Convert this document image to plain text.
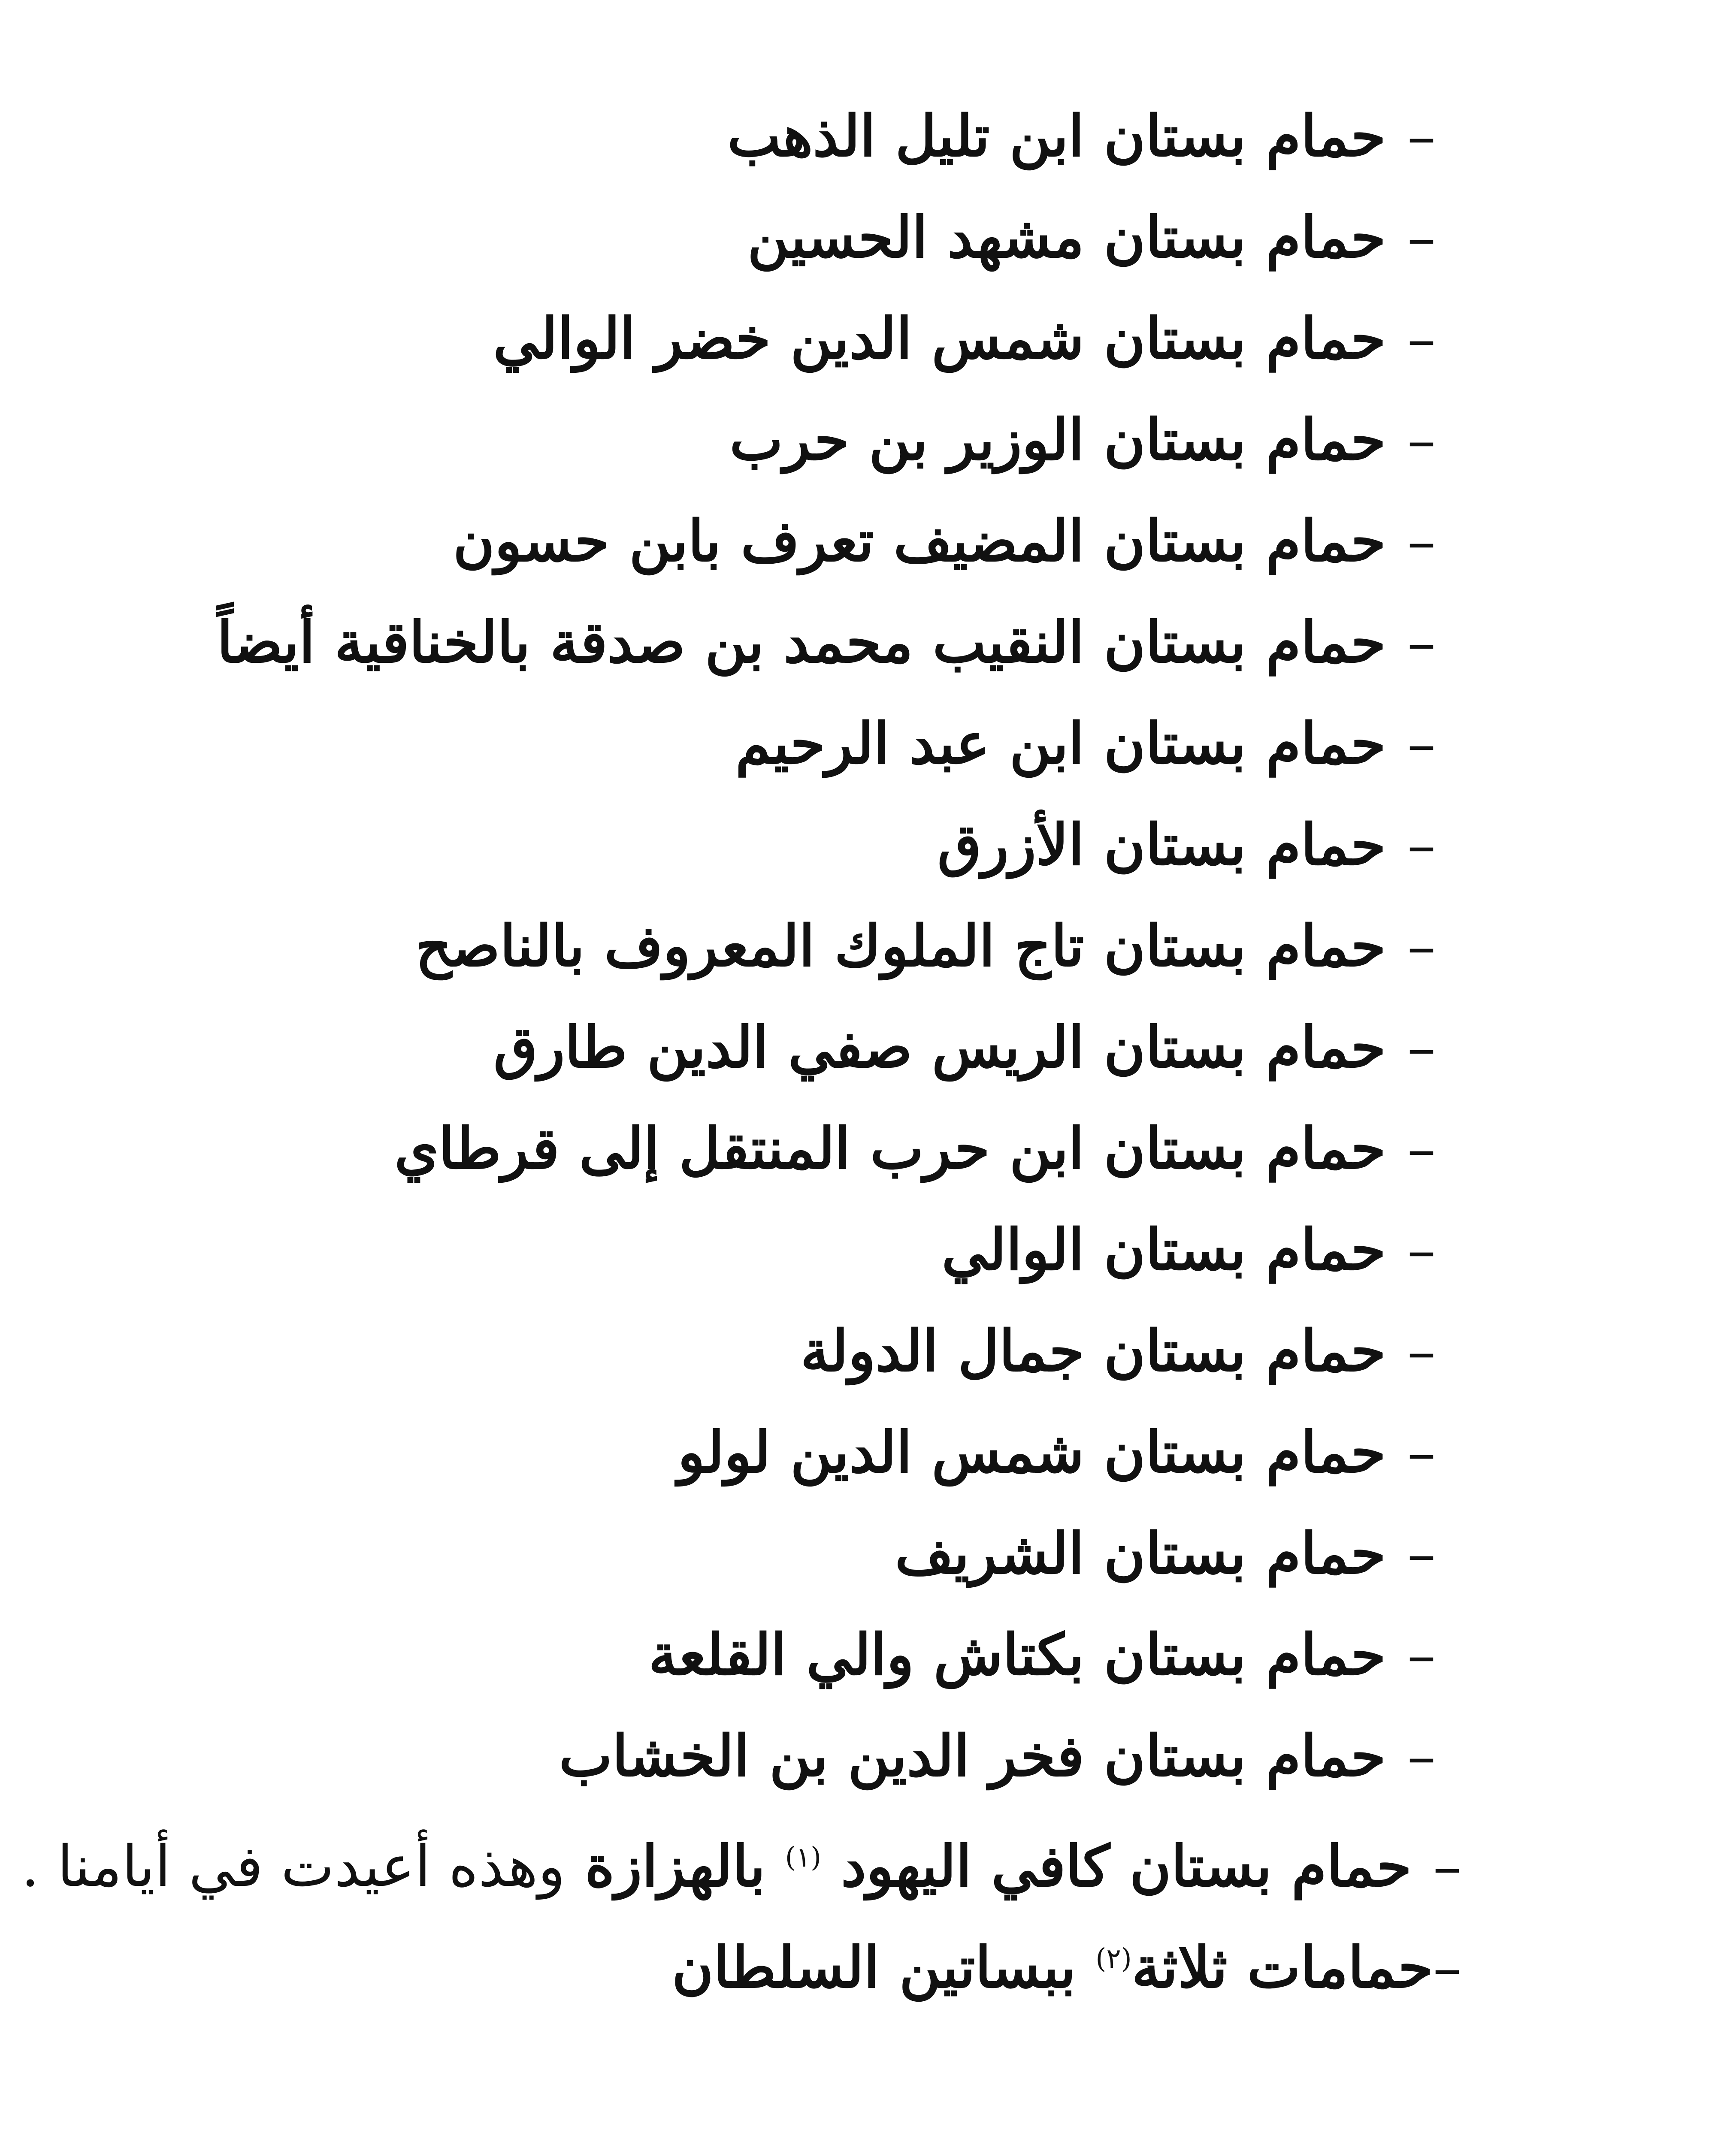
–حمام بستان ابن تليل الذهب
–حمام بستان مشهد الحسين
–حمام بستان شمس الدين خضر الوالي
–حمام بستان الوزير بن حرب
–حمام بستان المضيف تعرف بابن حسون
–حمام بستان النقيب محمد بن صدقة بالخناقية أيضاً
–حمام بستان ابن عبد الرحيم
–حمام بستان الأزرق
–حمام بستان تاج الملوك المعروف بالناصح
–حمام بستان الريس صفي الدين طارق
–حمام بستان ابن حرب المنتقل إلى قرطاي
–حمام بستان الوالي
–حمام بستان جمال الدولة
–حمام بستان شمس الدين لولو
–حمام بستان الشريف
–حمام بستان بكتاش والي القلعة
–حمام بستان فخر الدين بن الخشاب
–حمام بستان كافي اليهود $^{(١)}$ بالهزازة وهذه أعيدت في أيامنا .
–حمامات ثلاثة$^{(٢)}$ ببساتين السلطان
